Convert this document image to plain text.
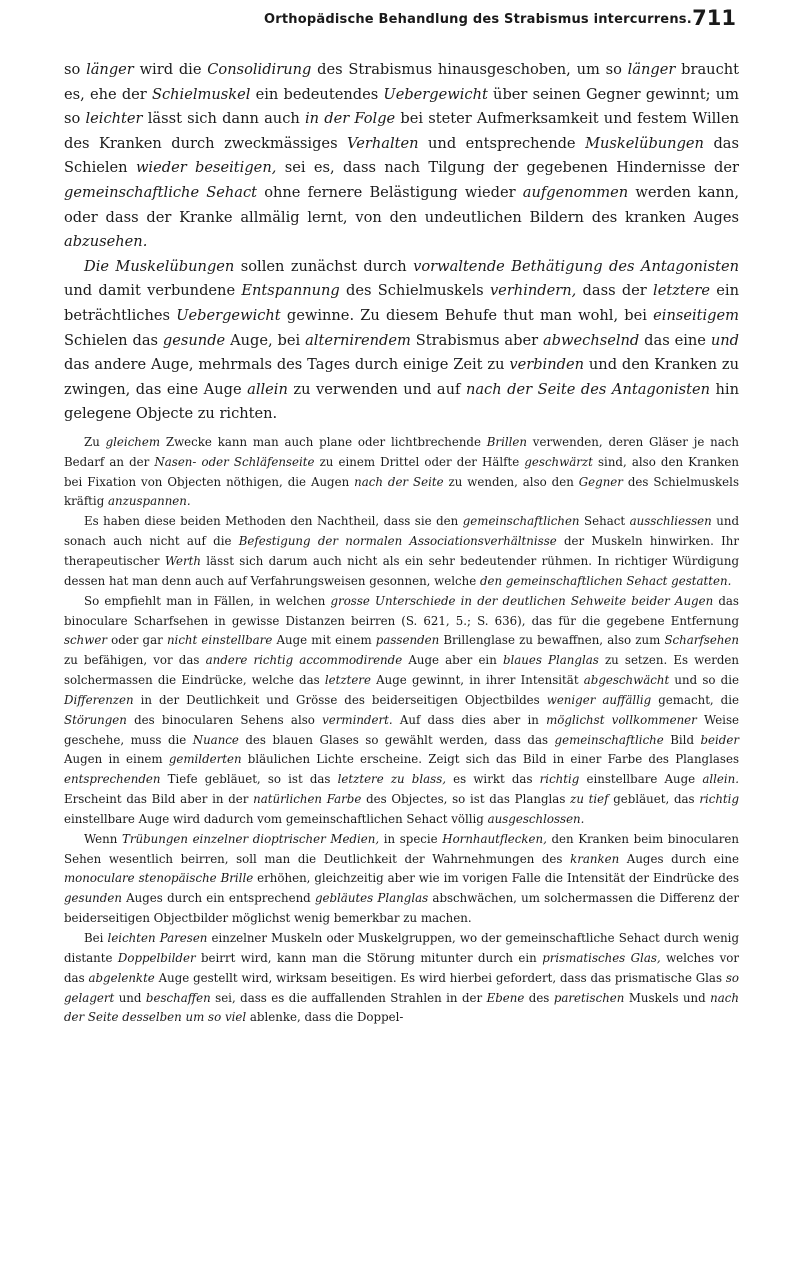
Orthopädische Behandlung des Strabismus intercurrens. 711

so länger wird die Consolidirung des Strabismus hinausgeschoben, um so länger braucht es, ehe der Schielmuskel ein bedeutendes Uebergewicht über seinen Gegner gewinnt; um so leichter lässt sich dann auch in der Folge bei steter Aufmerksamkeit und festem Willen des Kranken durch zweckmässiges Verhalten und entsprechende Muskelübungen das Schielen wieder beseitigen, sei es, dass nach Tilgung der gegebenen Hindernisse der gemeinschaftliche Sehact ohne fernere Belästigung wieder aufgenommen werden kann, oder dass der Kranke allmälig lernt, von den undeutlichen Bildern des kranken Auges abzusehen.

Die Muskelübungen sollen zunächst durch vorwaltende Bethätigung des Antagonisten und damit verbundene Entspannung des Schielmuskels verhindern, dass der letztere ein beträchtliches Uebergewicht gewinne. Zu diesem Behufe thut man wohl, bei einseitigem Schielen das gesunde Auge, bei alternirendem Strabismus aber abwechselnd das eine und das andere Auge, mehrmals des Tages durch einige Zeit zu verbinden und den Kranken zu zwingen, das eine Auge allein zu verwenden und auf nach der Seite des Antagonisten hin gelegene Objecte zu richten.

Zu gleichem Zwecke kann man auch plane oder lichtbrechende Brillen verwenden, deren Gläser je nach Bedarf an der Nasen- oder Schläfenseite zu einem Drittel oder der Hälfte geschwärzt sind, also den Kranken bei Fixation von Objecten nöthigen, die Augen nach der Seite zu wenden, also den Gegner des Schielmuskels kräftig anzuspannen.

Es haben diese beiden Methoden den Nachtheil, dass sie den gemeinschaftlichen Sehact ausschliessen und sonach auch nicht auf die Befestigung der normalen Associationsverhältnisse der Muskeln hinwirken. Ihr therapeutischer Werth lässt sich darum auch nicht als ein sehr bedeutender rühmen. In richtiger Würdigung dessen hat man denn auch auf Verfahrungsweisen gesonnen, welche den gemeinschaftlichen Sehact gestatten.

So empfiehlt man in Fällen, in welchen grosse Unterschiede in der deutlichen Sehweite beider Augen das binoculare Scharfsehen in gewisse Distanzen beirren (S. 621, 5.; S. 636), das für die gegebene Entfernung schwer oder gar nicht einstellbare Auge mit einem passenden Brillenglase zu bewaffnen, also zum Scharfsehen zu befähigen, vor das andere richtig accommodirende Auge aber ein blaues Planglas zu setzen. Es werden solchermassen die Eindrücke, welche das letztere Auge gewinnt, in ihrer Intensität abgeschwächt und so die Differenzen in der Deutlichkeit und Grösse des beiderseitigen Objectbildes weniger auffällig gemacht, die Störungen des binocularen Sehens also vermindert. Auf dass dies aber in möglichst vollkommener Weise geschehe, muss die Nuance des blauen Glases so gewählt werden, dass das gemeinschaftliche Bild beider Augen in einem gemilderten bläulichen Lichte erscheine. Zeigt sich das Bild in einer Farbe des Planglases entsprechenden Tiefe gebläuet, so ist das letztere zu blass, es wirkt das richtig einstellbare Auge allein. Erscheint das Bild aber in der natürlichen Farbe des Objectes, so ist das Planglas zu tief gebläuet, das richtig einstellbare Auge wird dadurch vom gemeinschaftlichen Sehact völlig ausgeschlossen.

Wenn Trübungen einzelner dioptrischer Medien, in specie Hornhautflecken, den Kranken beim binocularen Sehen wesentlich beirren, soll man die Deutlichkeit der Wahrnehmungen des kranken Auges durch eine monoculare stenopäische Brille erhöhen, gleichzeitig aber wie im vorigen Falle die Intensität der Eindrücke des gesunden Auges durch ein entsprechend gebläutes Planglas abschwächen, um solchermassen die Differenz der beiderseitigen Objectbilder möglichst wenig bemerkbar zu machen.

Bei leichten Paresen einzelner Muskeln oder Muskelgruppen, wo der gemeinschaftliche Sehact durch wenig distante Doppelbilder beirrt wird, kann man die Störung mitunter durch ein prismatisches Glas, welches vor das abgelenkte Auge gestellt wird, wirksam beseitigen. Es wird hierbei gefordert, dass das prismatische Glas so gelagert und beschaffen sei, dass es die auffallenden Strahlen in der Ebene des paretischen Muskels und nach der Seite desselben um so viel ablenke, dass die Doppel-
